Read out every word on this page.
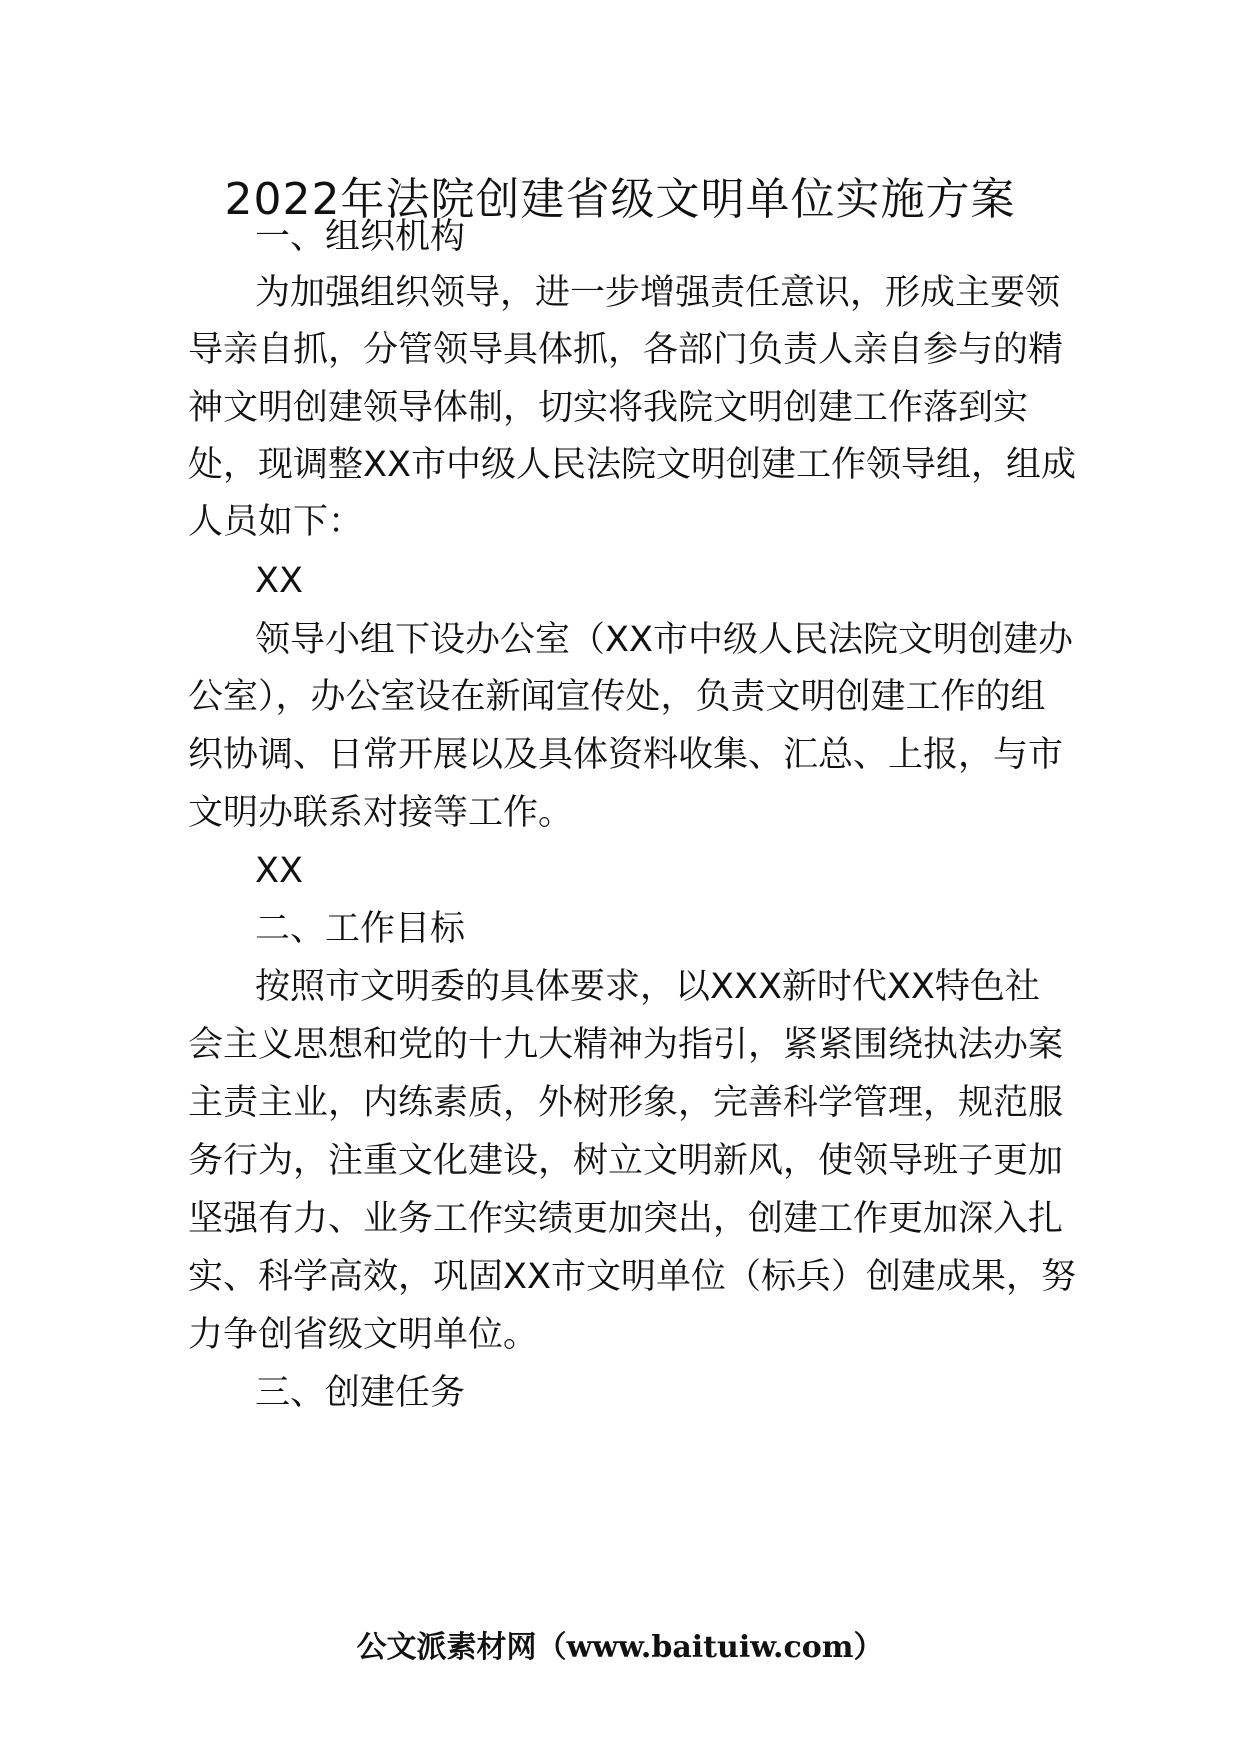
2022年法院创建省级文明单位实施方案
一、组织机构
为加强组织领导，进一步增强责任意识，形成主要领
导亲自抓，分管领导具体抓，各部门负责人亲自参与的精
神文明创建领导体制，切实将我院文明创建工作落到实
处，现调整XX市中级人民法院文明创建工作领导组，组成
人员如下：
XX
领导小组下设办公室（XX市中级人民法院文明创建办
公室），办公室设在新闻宣传处，负责文明创建工作的组
织协调、日常开展以及具体资料收集、汇总、上报，与市
文明办联系对接等工作。
XX
二、工作目标
按照市文明委的具体要求，以XXX新时代XX特色社
会主义思想和党的十九大精神为指引，紧紧围绕执法办案
主责主业，内练素质，外树形象，完善科学管理，规范服
务行为，注重文化建设，树立文明新风，使领导班子更加
坚强有力、业务工作实绩更加突出，创建工作更加深入扎
实、科学高效，巩固XX市文明单位（标兵）创建成果，努
力争创省级文明单位。
三、创建任务
公文派素材网（www.baituiw.com）
